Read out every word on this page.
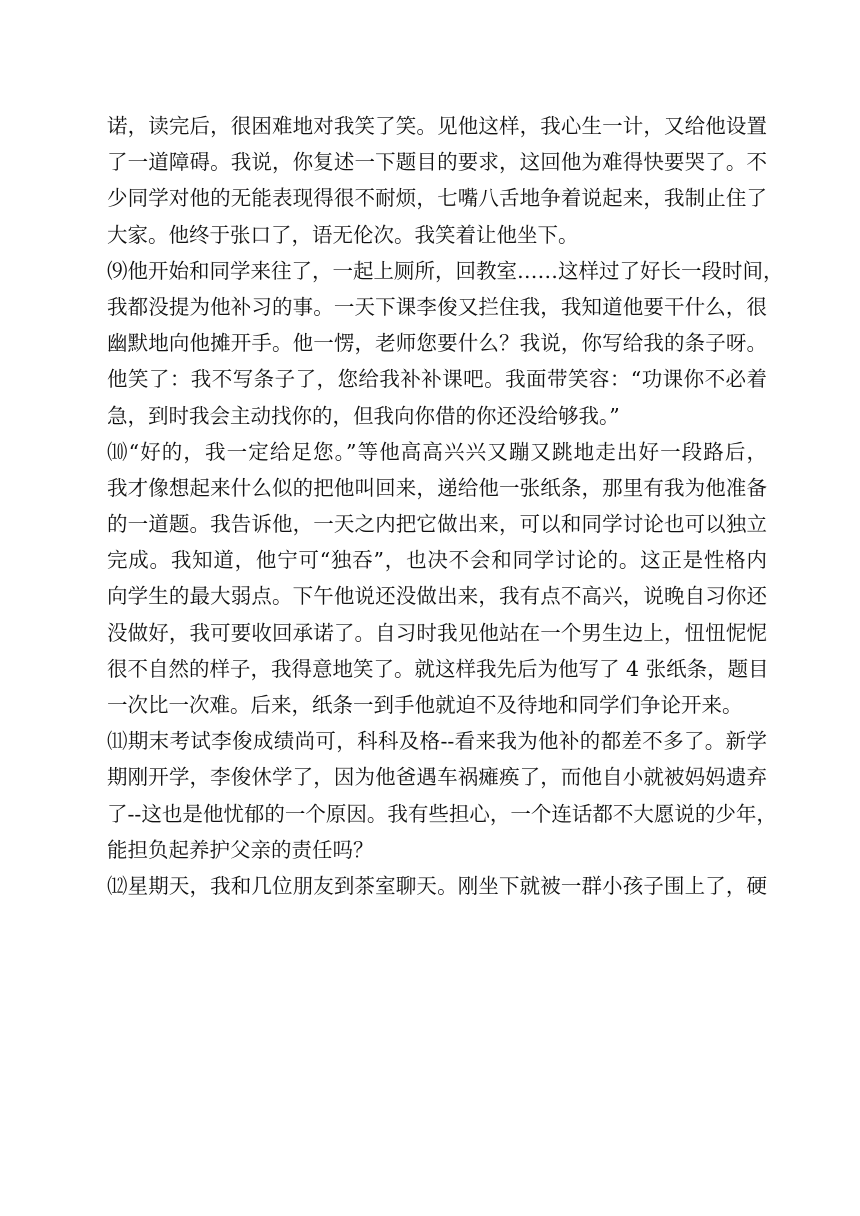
诺，读完后，很困难地对我笑了笑。见他这样，我心生一计，又给他设置
了一道障碍。我说，你复述一下题目的要求，这回他为难得快要哭了。不
少同学对他的无能表现得很不耐烦，七嘴八舌地争着说起来，我制止住了
大家。他终于张口了，语无伦次。我笑着让他坐下。
⑼他开始和同学来往了，一起上厕所，回教室……这样过了好长一段时间，
我都没提为他补习的事。一天下课李俊又拦住我，我知道他要干什么，很
幽默地向他摊开手。他一愣，老师您要什么？我说，你写给我的条子呀。
他笑了：我不写条子了，您给我补补课吧。我面带笑容：“功课你不必着
急，到时我会主动找你的，但我向你借的你还没给够我。”
⑽“好的，我一定给足您。”等他高高兴兴又蹦又跳地走出好一段路后，
我才像想起来什么似的把他叫回来，递给他一张纸条，那里有我为他准备
的一道题。我告诉他，一天之内把它做出来，可以和同学讨论也可以独立
完成。我知道，他宁可“独吞”，也决不会和同学讨论的。这正是性格内
向学生的最大弱点。下午他说还没做出来，我有点不高兴，说晚自习你还
没做好，我可要收回承诺了。自习时我见他站在一个男生边上，忸忸怩怩
很不自然的样子，我得意地笑了。就这样我先后为他写了 4 张纸条，题目
一次比一次难。后来，纸条一到手他就迫不及待地和同学们争论开来。
⑾期末考试李俊成绩尚可，科科及格--看来我为他补的都差不多了。新学
期刚开学，李俊休学了，因为他爸遇车祸瘫痪了，而他自小就被妈妈遗弃
了--这也是他忧郁的一个原因。我有些担心，一个连话都不大愿说的少年，
能担负起养护父亲的责任吗？
⑿星期天，我和几位朋友到茶室聊天。刚坐下就被一群小孩子围上了，硬
